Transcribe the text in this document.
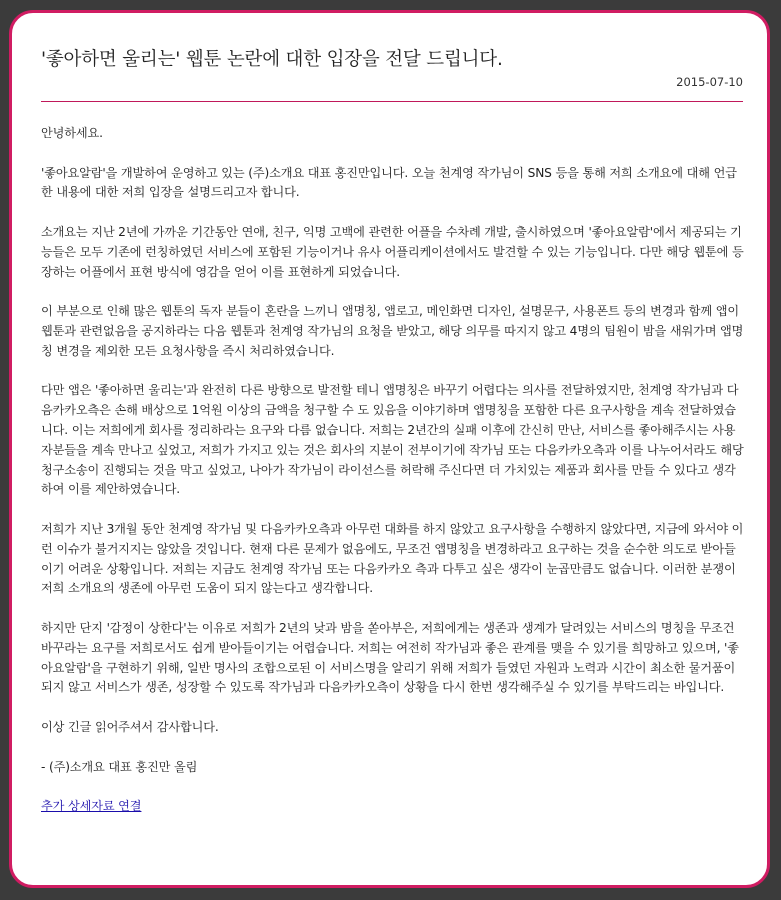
'좋아하면 울리는' 웹툰 논란에 대한 입장을 전달 드립니다.
2015-07-10

안녕하세요.

'좋아요알람'을 개발하여 운영하고 있는 (주)소개요 대표 홍진만입니다. 오늘 천계영 작가님이 SNS 등을 통해 저희 소개요에 대해 언급한 내용에 대한 저희 입장을 설명드리고자 합니다.

소개요는 지난 2년에 가까운 기간동안 연애, 친구, 익명 고백에 관련한 어플을 수차례 개발, 출시하였으며 '좋아요알람'에서 제공되는 기능들은 모두 기존에 런칭하였던 서비스에 포함된 기능이거나 유사 어플리케이션에서도 발견할 수 있는 기능입니다. 다만 해당 웹툰에 등장하는 어플에서 표현 방식에 영감을 얻어 이를 표현하게 되었습니다.

이 부분으로 인해 많은 웹툰의 독자 분들이 혼란을 느끼니 앱명칭, 앱로고, 메인화면 디자인, 설명문구, 사용폰트 등의 변경과 함께 앱이 웹툰과 관련없음을 공지하라는 다음 웹툰과 천계영 작가님의 요청을 받았고, 해당 의무를 따지지 않고 4명의 팀원이 밤을 새워가며 앱명칭 변경을 제외한 모든 요청사항을 즉시 처리하였습니다.

다만 앱은 '좋아하면 울리는'과 완전히 다른 방향으로 발전할 테니 앱명칭은 바꾸기 어렵다는 의사를 전달하였지만, 천계영 작가님과 다음카카오측은 손해 배상으로 1억원 이상의 금액을 청구할 수 도 있음을 이야기하며 앱명칭을 포함한 다른 요구사항을 계속 전달하였습니다. 이는 저희에게 회사를 정리하라는 요구와 다름 없습니다. 저희는 2년간의 실패 이후에 간신히 만난, 서비스를 좋아해주시는 사용자분들을 계속 만나고 싶었고, 저희가 가지고 있는 것은 회사의 지분이 전부이기에 작가님 또는 다음카카오측과 이를 나누어서라도 해당 청구소송이 진행되는 것을 막고 싶었고, 나아가 작가님이 라이선스를 허락해 주신다면 더 가치있는 제품과 회사를 만들 수 있다고 생각하여 이를 제안하였습니다.

저희가 지난 3개월 동안 천계영 작가님 및 다음카카오측과 아무런 대화를 하지 않았고 요구사항을 수행하지 않았다면, 지금에 와서야 이런 이슈가 불거지지는 않았을 것입니다. 현재 다른 문제가 없음에도, 무조건 앱명칭을 변경하라고 요구하는 것을 순수한 의도로 받아들이기 어려운 상황입니다. 저희는 지금도 천계영 작가님 또는 다음카카오 측과 다투고 싶은 생각이 눈곱만큼도 없습니다. 이러한 분쟁이 저희 소개요의 생존에 아무런 도움이 되지 않는다고 생각합니다.

하지만 단지 '감정이 상한다'는 이유로 저희가 2년의 낮과 밤을 쏟아부은, 저희에게는 생존과 생계가 달려있는 서비스의 명칭을 무조건 바꾸라는 요구를 저희로서도 쉽게 받아들이기는 어렵습니다. 저희는 여전히 작가님과 좋은 관계를 맺을 수 있기를 희망하고 있으며, '좋아요알람'을 구현하기 위해, 일반 명사의 조합으로된 이 서비스명을 알리기 위해 저희가 들였던 자원과 노력과 시간이 최소한 물거품이 되지 않고 서비스가 생존, 성장할 수 있도록 작가님과 다음카카오측이 상황을 다시 한번 생각해주실 수 있기를 부탁드리는 바입니다.

이상 긴글 읽어주셔서 감사합니다.

- (주)소개요 대표 홍진만 올림

추가 상세자료 연결
